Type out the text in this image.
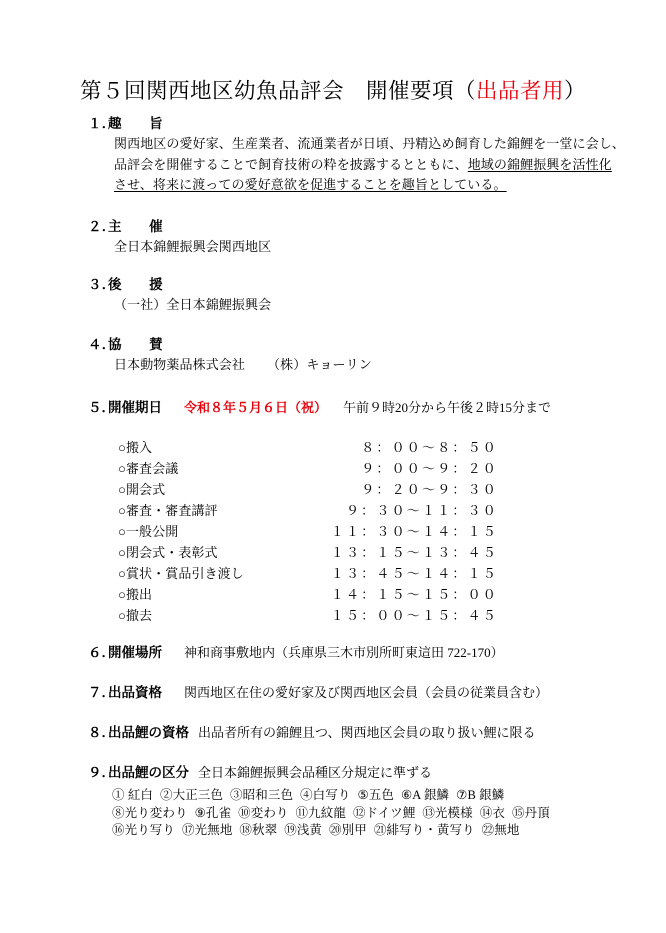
第５回関西地区幼魚品評会　開催要項（出品者用）
１．趣　　旨
関西地区の愛好家、生産業者、流通業者が日頃、丹精込め飼育した錦鯉を一堂に会し、
品評会を開催することで飼育技術の粋を披露するとともに、地域の錦鯉振興を活性化
させ、将来に渡っての愛好意欲を促進することを趣旨としている。
２．主　　催
全日本錦鯉振興会関西地区
３．後　　援
（一社）全日本錦鯉振興会
４．協　　賛
日本動物薬品株式会社 （株）キョーリン
５．開催期日 令和８年５月６日（祝） 午前９時20分から午後２時15分まで
○搬入	８：００～８：５０
○審査会議	９：００～９：２０
○開会式	９：２０～９：３０
○審査・審査講評	９：３０～１１：３０
○一般公開	１１：３０～１４：１５
○閉会式・表彰式	１３：１５～１３：４５
○賞状・賞品引き渡し	１３：４５～１４：１５
○搬出	１４：１５～１５：００
○撤去	１５：００～１５：４５
６．開催場所 神和商事敷地内（兵庫県三木市別所町東這田 722-170）
７．出品資格 関西地区在住の愛好家及び関西地区会員（会員の従業員含む）
８．出品鯉の資格 出品者所有の錦鯉且つ、関西地区会員の取り扱い鯉に限る
９．出品鯉の区分 全日本錦鯉振興会品種区分規定に準ずる
① 紅白 ②大正三色 ③昭和三色 ④白写り ⑤五色 ⑥A 銀鱗 ⑦B 銀鱗
⑧光り変わり ⑨孔雀 ⑩変わり ⑪九紋龍 ⑫ドイツ鯉 ⑬光模様 ⑭衣 ⑮丹頂
⑯光り写り ⑰光無地 ⑱秋翠 ⑲浅黄 ⑳別甲 ㉑緋写り・黄写り ㉒無地
